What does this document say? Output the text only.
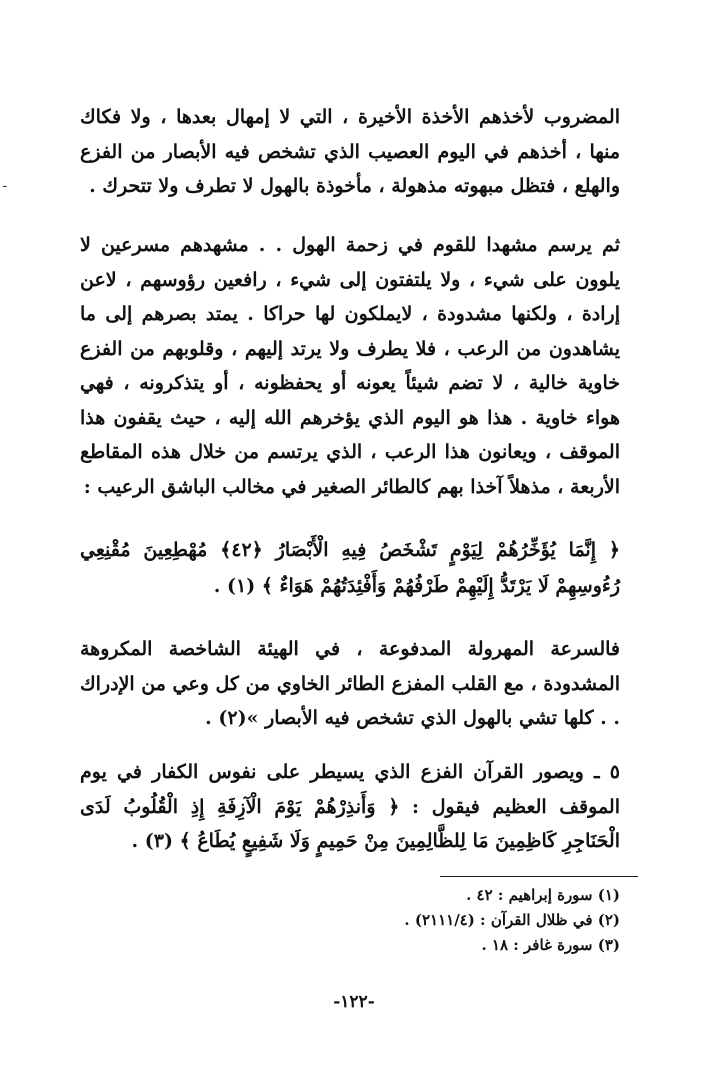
ـ

المضروب لأخذهم الأخذة الأخيرة ، التي لا إمهال بعدها ، ولا فكاك منها ، أخذهم في اليوم العصيب الذي تشخص فيه الأبصار من الفزع والهلع ، فتظل مبهوته مذهولة ، مأخوذة بالهول لا تطرف ولا تتحرك .

ثم يرسم مشهدا للقوم في زحمة الهول . . مشهدهم مسرعين لا يلوون على شيء ، ولا يلتفتون إلى شيء ، رافعين رؤوسهم ، لاعن إرادة ، ولكنها مشدودة ، لايملكون لها حراكا . يمتد بصرهم إلى ما يشاهدون من الرعب ، فلا يطرف ولا يرتد إليهم ، وقلوبهم من الفزع خاوية خالية ، لا تضم شيئاً يعونه أو يحفظونه ، أو يتذكرونه ، فهي هواء خاوية . هذا هو اليوم الذي يؤخرهم الله إليه ، حيث يقفون هذا الموقف ، ويعانون هذا الرعب ، الذي يرتسم من خلال هذه المقاطع الأربعة ، مذهلاً آخذا بهم كالطائر الصغير في مخالب الباشق الرعيب :

﴿ إِنَّمَا يُؤَخِّرُهُمْ لِيَوْمٍ تَشْخَصُ فِيهِ الْأَبْصَارُ ﴿٤٢﴾ مُهْطِعِينَ مُقْنِعِي رُءُوسِهِمْ لَا يَرْتَدُّ إِلَيْهِمْ طَرْفُهُمْ وَأَفْئِدَتُهُمْ هَوَاءٌ ﴾ (١) .

فالسرعة المهرولة المدفوعة ، في الهيئة الشاخصة المكروهة المشدودة ، مع القلب المفزع الطائر الخاوي من كل وعي من الإدراك . . كلها تشي بالهول الذي تشخص فيه الأبصار »(٢) .

٥ ـ ويصور القرآن الفزع الذي يسيطر على نفوس الكفار في يوم الموقف العظيم فيقول : ﴿ وَأَنذِرْهُمْ يَوْمَ الْآزِفَةِ إِذِ الْقُلُوبُ لَدَى الْحَنَاجِرِ كَاظِمِينَ مَا لِلظَّالِمِينَ مِنْ حَمِيمٍ وَلَا شَفِيعٍ يُطَاعُ ﴾ (٣) .

(١) سورة إبراهيم : ٤٢ .
(٢) في ظلال القرآن : (٢١١١/٤) .
(٣) سورة غافر : ١٨ .
-١٢٢-
